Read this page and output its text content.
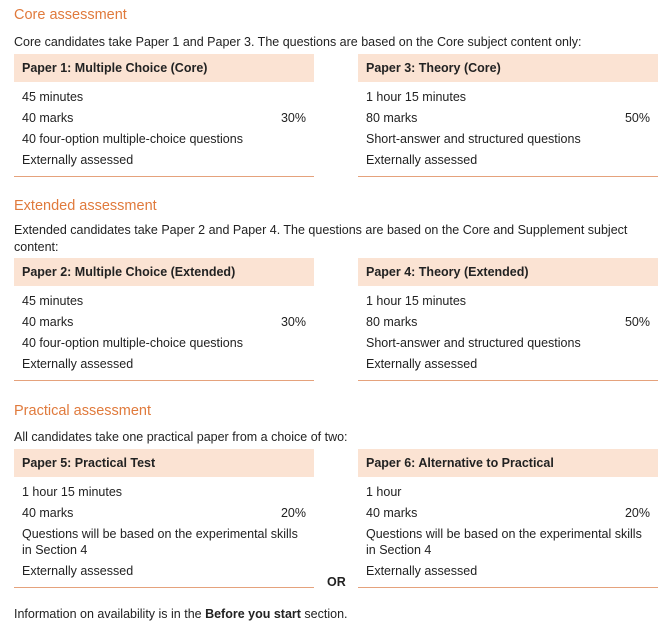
Core assessment
Core candidates take Paper 1 and Paper 3. The questions are based on the Core subject content only:
Paper 1: Multiple Choice (Core)
45 minutes
40 marks	30%
40 four-option multiple-choice questions
Externally assessed
Paper 3: Theory (Core)
1 hour 15 minutes
80 marks	50%
Short-answer and structured questions
Externally assessed
Extended assessment
Extended candidates take Paper 2 and Paper 4. The questions are based on the Core and Supplement subject content:
Paper 2: Multiple Choice (Extended)
45 minutes
40 marks	30%
40 four-option multiple-choice questions
Externally assessed
Paper 4: Theory (Extended)
1 hour 15 minutes
80 marks	50%
Short-answer and structured questions
Externally assessed
Practical assessment
All candidates take one practical paper from a choice of two:
Paper 5: Practical Test
1 hour 15 minutes
40 marks	20%
Questions will be based on the experimental skills in Section 4
Externally assessed
OR
Paper 6: Alternative to Practical
1 hour
40 marks	20%
Questions will be based on the experimental skills in Section 4
Externally assessed
Information on availability is in the Before you start section.
